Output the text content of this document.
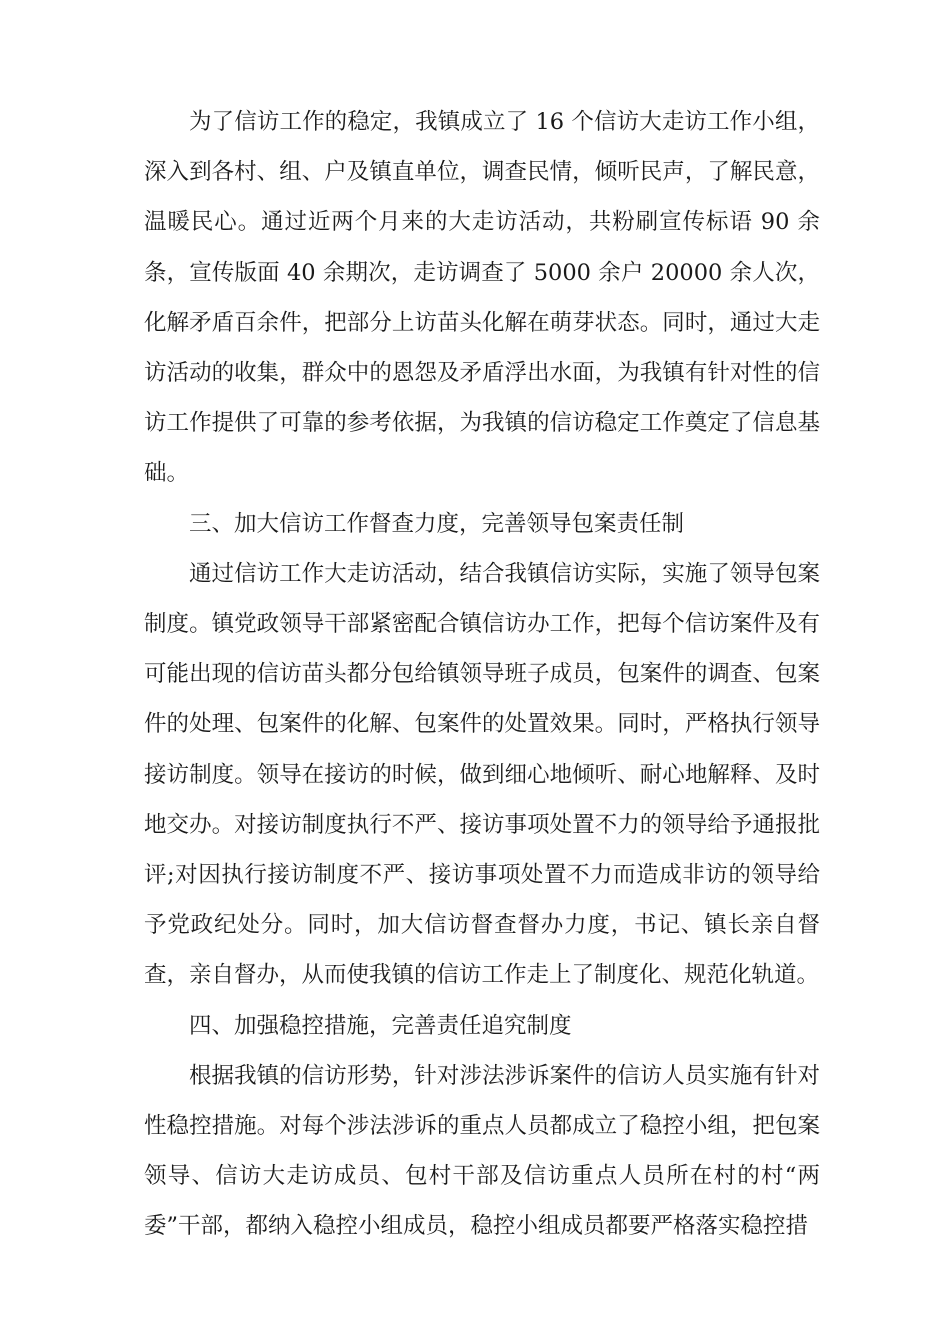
为了信访工作的稳定，我镇成立了 16 个信访大走访工作小组，深入到各村、组、户及镇直单位，调查民情，倾听民声，了解民意，温暖民心。通过近两个月来的大走访活动，共粉刷宣传标语 90 余条，宣传版面 40 余期次，走访调查了 5000 余户 20000 余人次，化解矛盾百余件，把部分上访苗头化解在萌芽状态。同时，通过大走访活动的收集，群众中的恩怨及矛盾浮出水面，为我镇有针对性的信访工作提供了可靠的参考依据，为我镇的信访稳定工作奠定了信息基础。

三、加大信访工作督查力度，完善领导包案责任制

通过信访工作大走访活动，结合我镇信访实际，实施了领导包案制度。镇党政领导干部紧密配合镇信访办工作，把每个信访案件及有可能出现的信访苗头都分包给镇领导班子成员，包案件的调查、包案件的处理、包案件的化解、包案件的处置效果。同时，严格执行领导接访制度。领导在接访的时候，做到细心地倾听、耐心地解释、及时地交办。对接访制度执行不严、接访事项处置不力的领导给予通报批评;对因执行接访制度不严、接访事项处置不力而造成非访的领导给予党政纪处分。同时，加大信访督查督办力度，书记、镇长亲自督查，亲自督办，从而使我镇的信访工作走上了制度化、规范化轨道。

四、加强稳控措施，完善责任追究制度

根据我镇的信访形势，针对涉法涉诉案件的信访人员实施有针对性稳控措施。对每个涉法涉诉的重点人员都成立了稳控小组，把包案领导、信访大走访成员、包村干部及信访重点人员所在村的村“两委”干部，都纳入稳控小组成员，稳控小组成员都要严格落实稳控措
